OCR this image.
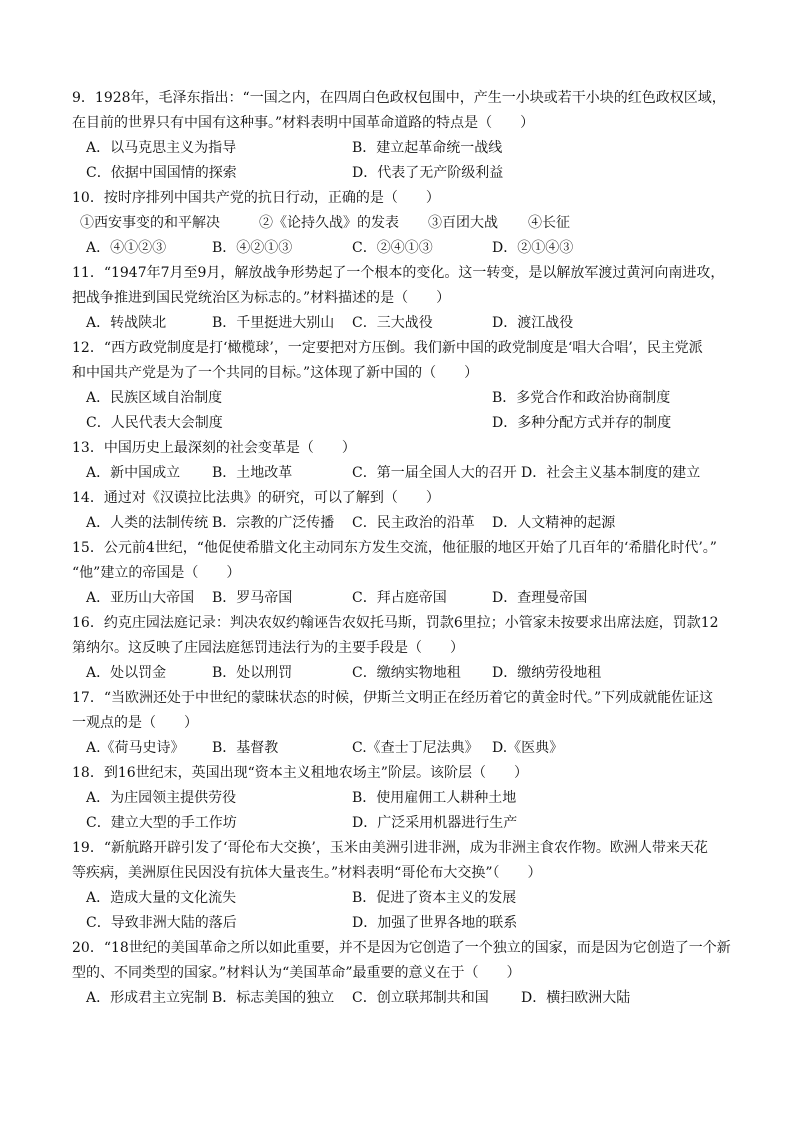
9．1928年，毛泽东指出：“一国之内，在四周白色政权包围中，产生一小块或若干小块的红色政权区域，
在目前的世界只有中国有这种事。”材料表明中国革命道路的特点是（　　）
A．以马克思主义为指导	B．建立起革命统一战线
C．依据中国国情的探索	D．代表了无产阶级利益
10．按时序排列中国共产党的抗日行动，正确的是（　　）
①西安事变的和平解决	②《论持久战》的发表 ③百团大战 ④长征
A．④①②③	B．④②①③	C．②④①③	D．②①④③
11．“1947年7月至9月，解放战争形势起了一个根本的变化。这一转变，是以解放军渡过黄河向南进攻，
把战争推进到国民党统治区为标志的。”材料描述的是（　　）
A．转战陕北	B．千里挺进大别山 C．三大战役	D．渡江战役
12．“西方政党制度是打‘橄榄球’，一定要把对方压倒。我们新中国的政党制度是‘唱大合唱’，民主党派
和中国共产党是为了一个共同的目标。”这体现了新中国的（　　）
A．民族区域自治制度	B．多党合作和政治协商制度
C．人民代表大会制度	D．多种分配方式并存的制度
13．中国历史上最深刻的社会变革是（　　）
A．新中国成立 B．土地改革	C．第一届全国人大的召开 D．社会主义基本制度的建立
14．通过对《汉谟拉比法典》的研究，可以了解到（　　）
A．人类的法制传统 B．宗教的广泛传播 C．民主政治的沿革 D．人文精神的起源
15．公元前4世纪，“他促使希腊文化主动同东方发生交流，他征服的地区开始了几百年的‘希腊化时代’。”
“他”建立的帝国是（　　）
A．亚历山大帝国 B．罗马帝国	C．拜占庭帝国	D．查理曼帝国
16．约克庄园法庭记录：判决农奴约翰诬告农奴托马斯，罚款6里拉；小管家未按要求出席法庭，罚款12
第纳尔。这反映了庄园法庭惩罚违法行为的主要手段是（　　）
A．处以罚金	B．处以刑罚	C．缴纳实物地租 D．缴纳劳役地租
17．“当欧洲还处于中世纪的蒙昧状态的时候，伊斯兰文明正在经历着它的黄金时代。”下列成就能佐证这
一观点的是（　　）
A.《荷马史诗》 B．基督教	C.《查士丁尼法典》 D.《医典》
18．到16世纪末，英国出现“资本主义租地农场主”阶层。该阶层（　　）
A．为庄园领主提供劳役	B．使用雇佣工人耕种土地
C．建立大型的手工作坊	D．广泛采用机器进行生产
19．“新航路开辟引发了‘哥伦布大交换’，玉米由美洲引进非洲，成为非洲主食农作物。欧洲人带来天花
等疾病，美洲原住民因没有抗体大量丧生。”材料表明“哥伦布大交换”（　　）
A．造成大量的文化流失	B．促进了资本主义的发展
C．导致非洲大陆的落后	D．加强了世界各地的联系
20．“18世纪的美国革命之所以如此重要，并不是因为它创造了一个独立的国家，而是因为它创造了一个新
型的、不同类型的国家。”材料认为“美国革命”最重要的意义在于（　　）
A．形成君主立宪制 B．标志美国的独立 C．创立联邦制共和国 D．横扫欧洲大陆
